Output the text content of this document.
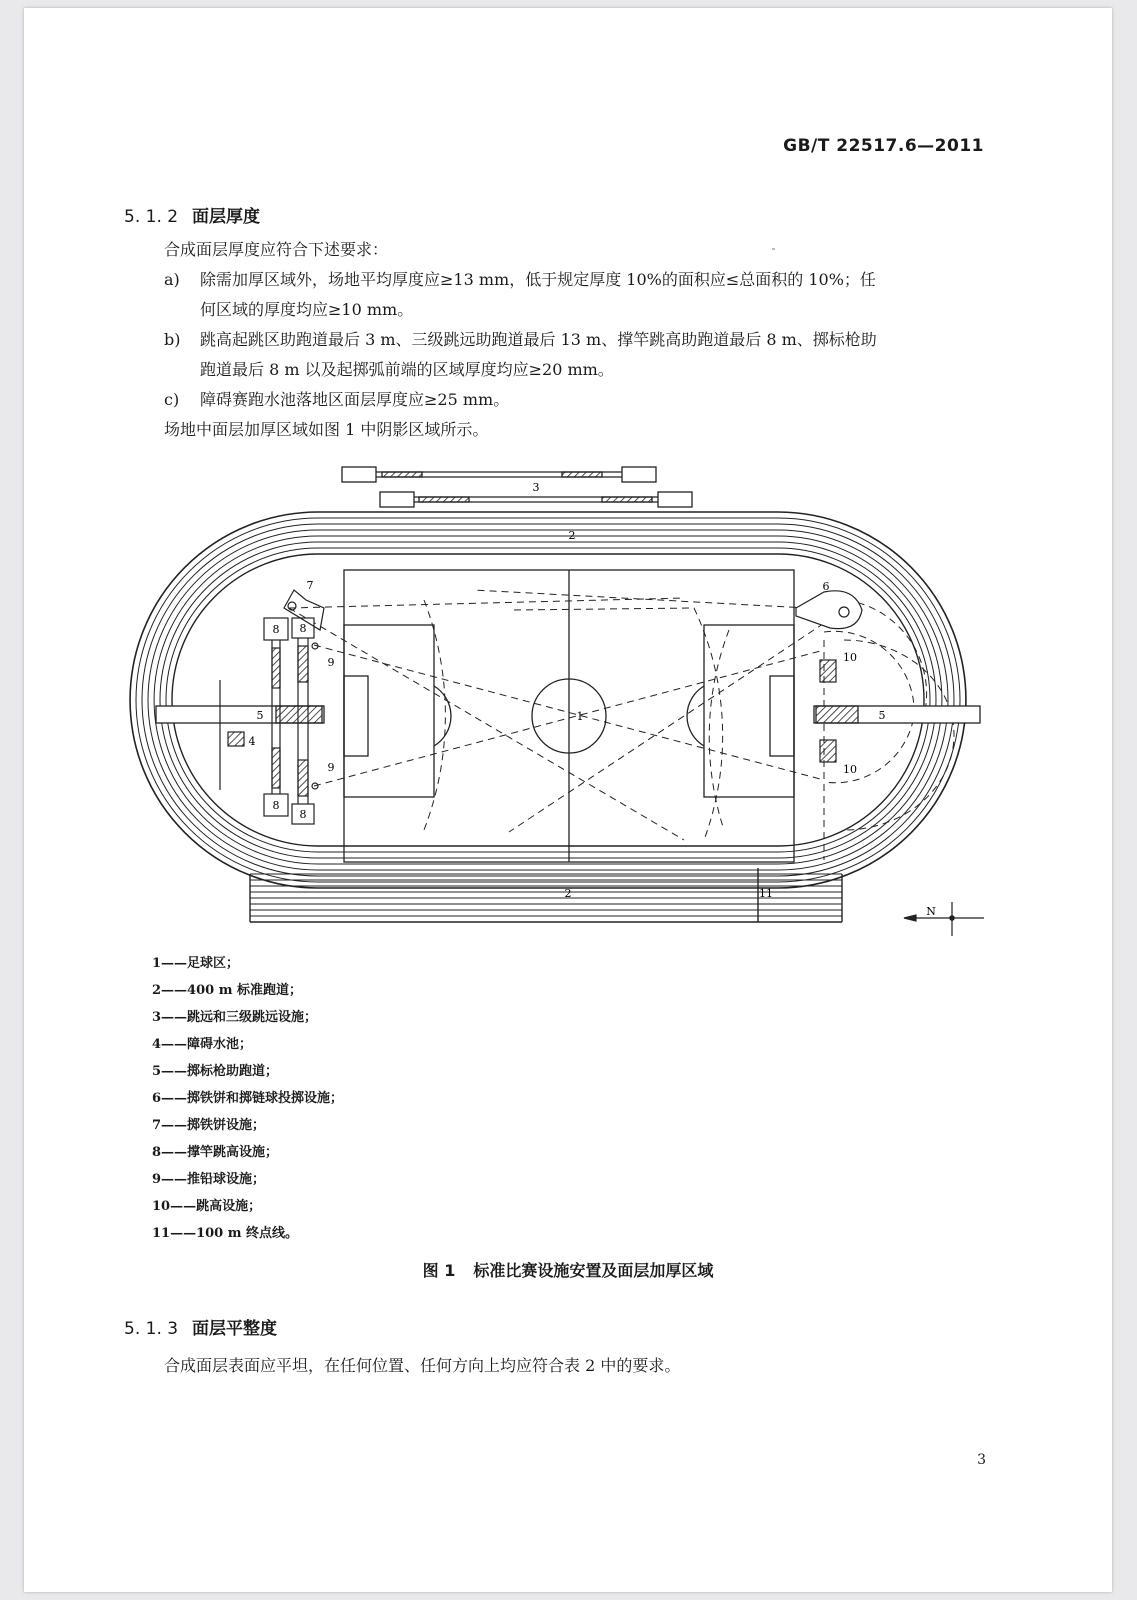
GB/T 22517.6—2011
5. 1. 2 面层厚度
合成面层厚度应符合下述要求：
a) 除需加厚区域外，场地平均厚度应≥13 mm，低于规定厚度 10%的面积应≤总面积的 10%；任
何区域的厚度均应≥10 mm。
b) 跳高起跳区助跑道最后 3 m、三级跳远助跑道最后 13 m、撑竿跳高助跑道最后 8 m、掷标枪助
跑道最后 8 m 以及起掷弧前端的区域厚度均应≥20 mm。
c) 障碍赛跑水池落地区面层厚度应≥25 mm。
场地中面层加厚区域如图 1 中阴影区域所示。
3
2
2	11
1
5	5
4
8 8
8
8
7
9
9
6
10
10
N
1——足球区；
2——400 m 标准跑道；
3——跳远和三级跳远设施；
4——障碍水池；
5——掷标枪助跑道；
6——掷铁饼和掷链球投掷设施；
7——掷铁饼设施；
8——撑竿跳高设施；
9——推铅球设施；
10——跳高设施；
11——100 m 终点线。
图 1 标准比赛设施安置及面层加厚区域
5. 1. 3 面层平整度
合成面层表面应平坦，在任何位置、任何方向上均应符合表 2 中的要求。
3
